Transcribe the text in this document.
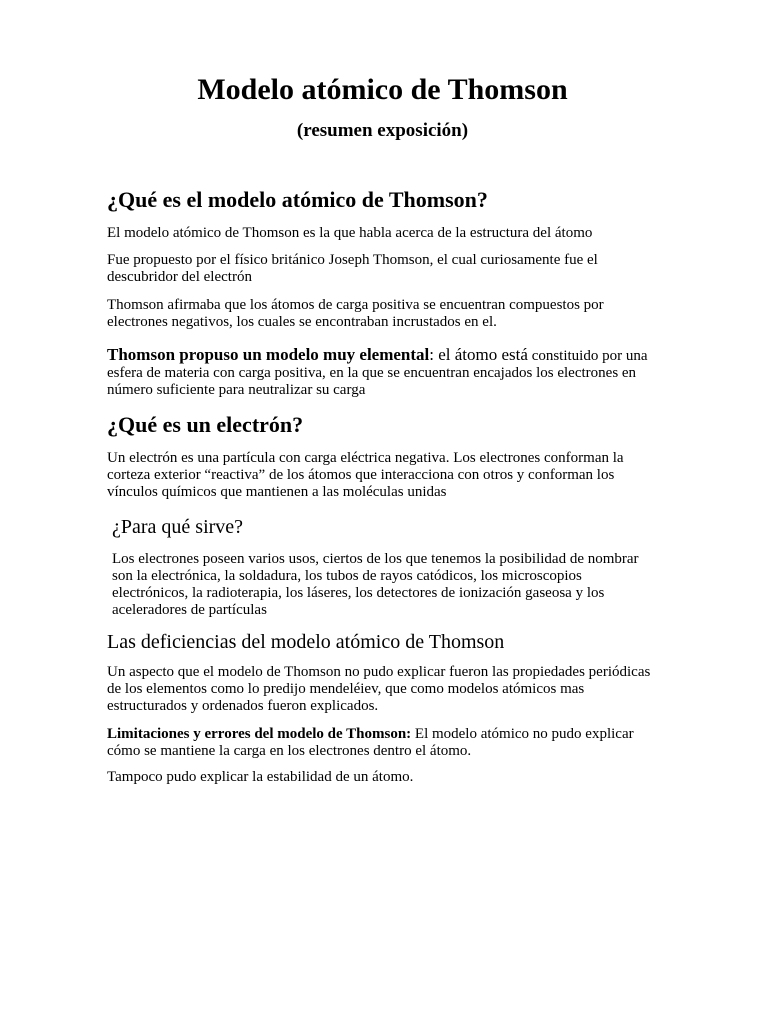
Modelo atómico de Thomson
(resumen exposición)
¿Qué es el modelo atómico de Thomson?

El modelo atómico de Thomson es la que habla acerca de la estructura del átomo

Fue propuesto por el físico británico Joseph Thomson, el cual curiosamente fue el descubridor del electrón

Thomson afirmaba que los átomos de carga positiva se encuentran compuestos por electrones negativos, los cuales se encontraban incrustados en el.

Thomson propuso un modelo muy elemental: el átomo está constituido por una esfera de materia con carga positiva, en la que se encuentran encajados los electrones en número suficiente para neutralizar su carga

¿Qué es un electrón?

Un electrón es una partícula con carga eléctrica negativa. Los electrones conforman la corteza exterior “reactiva” de los átomos que interacciona con otros y conforman los vínculos químicos que mantienen a las moléculas unidas

¿Para qué sirve?

Los electrones poseen varios usos, ciertos de los que tenemos la posibilidad de nombrar son la electrónica, la soldadura, los tubos de rayos catódicos, los microscopios electrónicos, la radioterapia, los láseres, los detectores de ionización gaseosa y los aceleradores de partículas

Las deficiencias del modelo atómico de Thomson

Un aspecto que el modelo de Thomson no pudo explicar fueron las propiedades periódicas de los elementos como lo predijo mendeléiev, que como modelos atómicos mas estructurados y ordenados fueron explicados.

Limitaciones y errores del modelo de Thomson: El modelo atómico no pudo explicar cómo se mantiene la carga en los electrones dentro el átomo.

Tampoco pudo explicar la estabilidad de un átomo.
